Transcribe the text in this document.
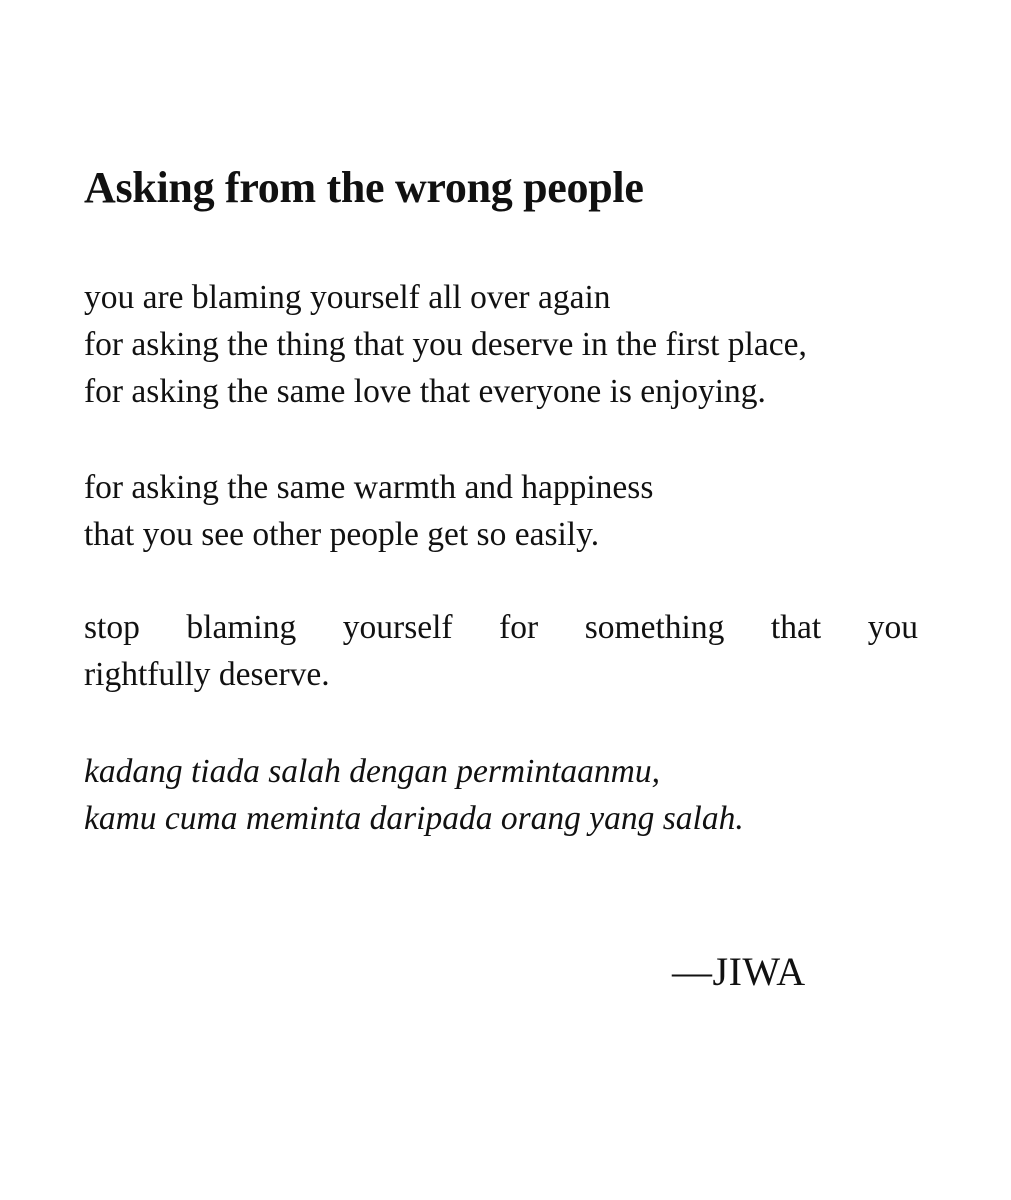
Asking from the wrong people

you are blaming yourself all over again
for asking the thing that you deserve in the first place,
for asking the same love that everyone is enjoying.

for asking the same warmth and happiness
that you see other people get so easily.

stop blaming yourself for something that you
rightfully deserve.

kadang tiada salah dengan permintaanmu,
kamu cuma meminta daripada orang yang salah.

—JIWA
